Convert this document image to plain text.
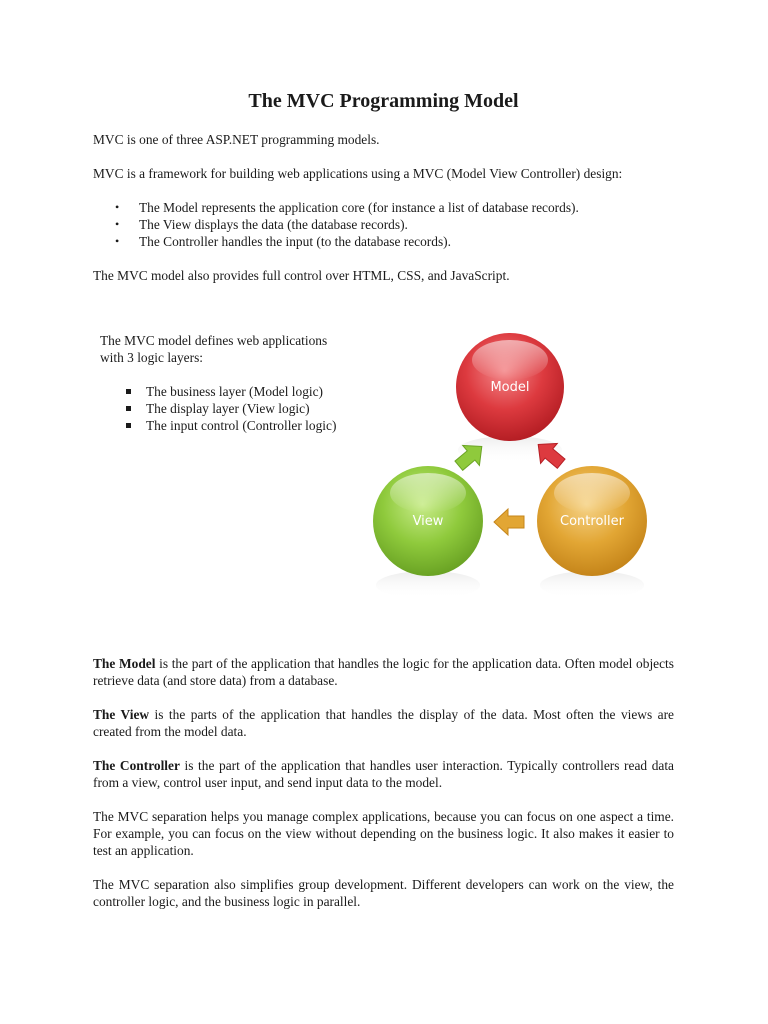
The MVC Programming Model

MVC is one of three ASP.NET programming models.

MVC is a framework for building web applications using a MVC (Model View Controller) design:

• The Model represents the application core (for instance a list of database records).
• The View displays the data (the database records).
• The Controller handles the input (to the database records).

The MVC model also provides full control over HTML, CSS, and JavaScript.

The MVC model defines web applications with 3 logic layers:

The business layer (Model logic)
The display layer (View logic)
The input control (Controller logic)
Model
View	Controller

The Model is the part of the application that handles the logic for the application data. Often model objects retrieve data (and store data) from a database.

The View is the parts of the application that handles the display of the data. Most often the views are created from the model data.

The Controller is the part of the application that handles user interaction. Typically controllers read data from a view, control user input, and send input data to the model.

The MVC separation helps you manage complex applications, because you can focus on one aspect a time. For example, you can focus on the view without depending on the business logic. It also makes it easier to test an application.

The MVC separation also simplifies group development. Different developers can work on the view, the controller logic, and the business logic in parallel.
